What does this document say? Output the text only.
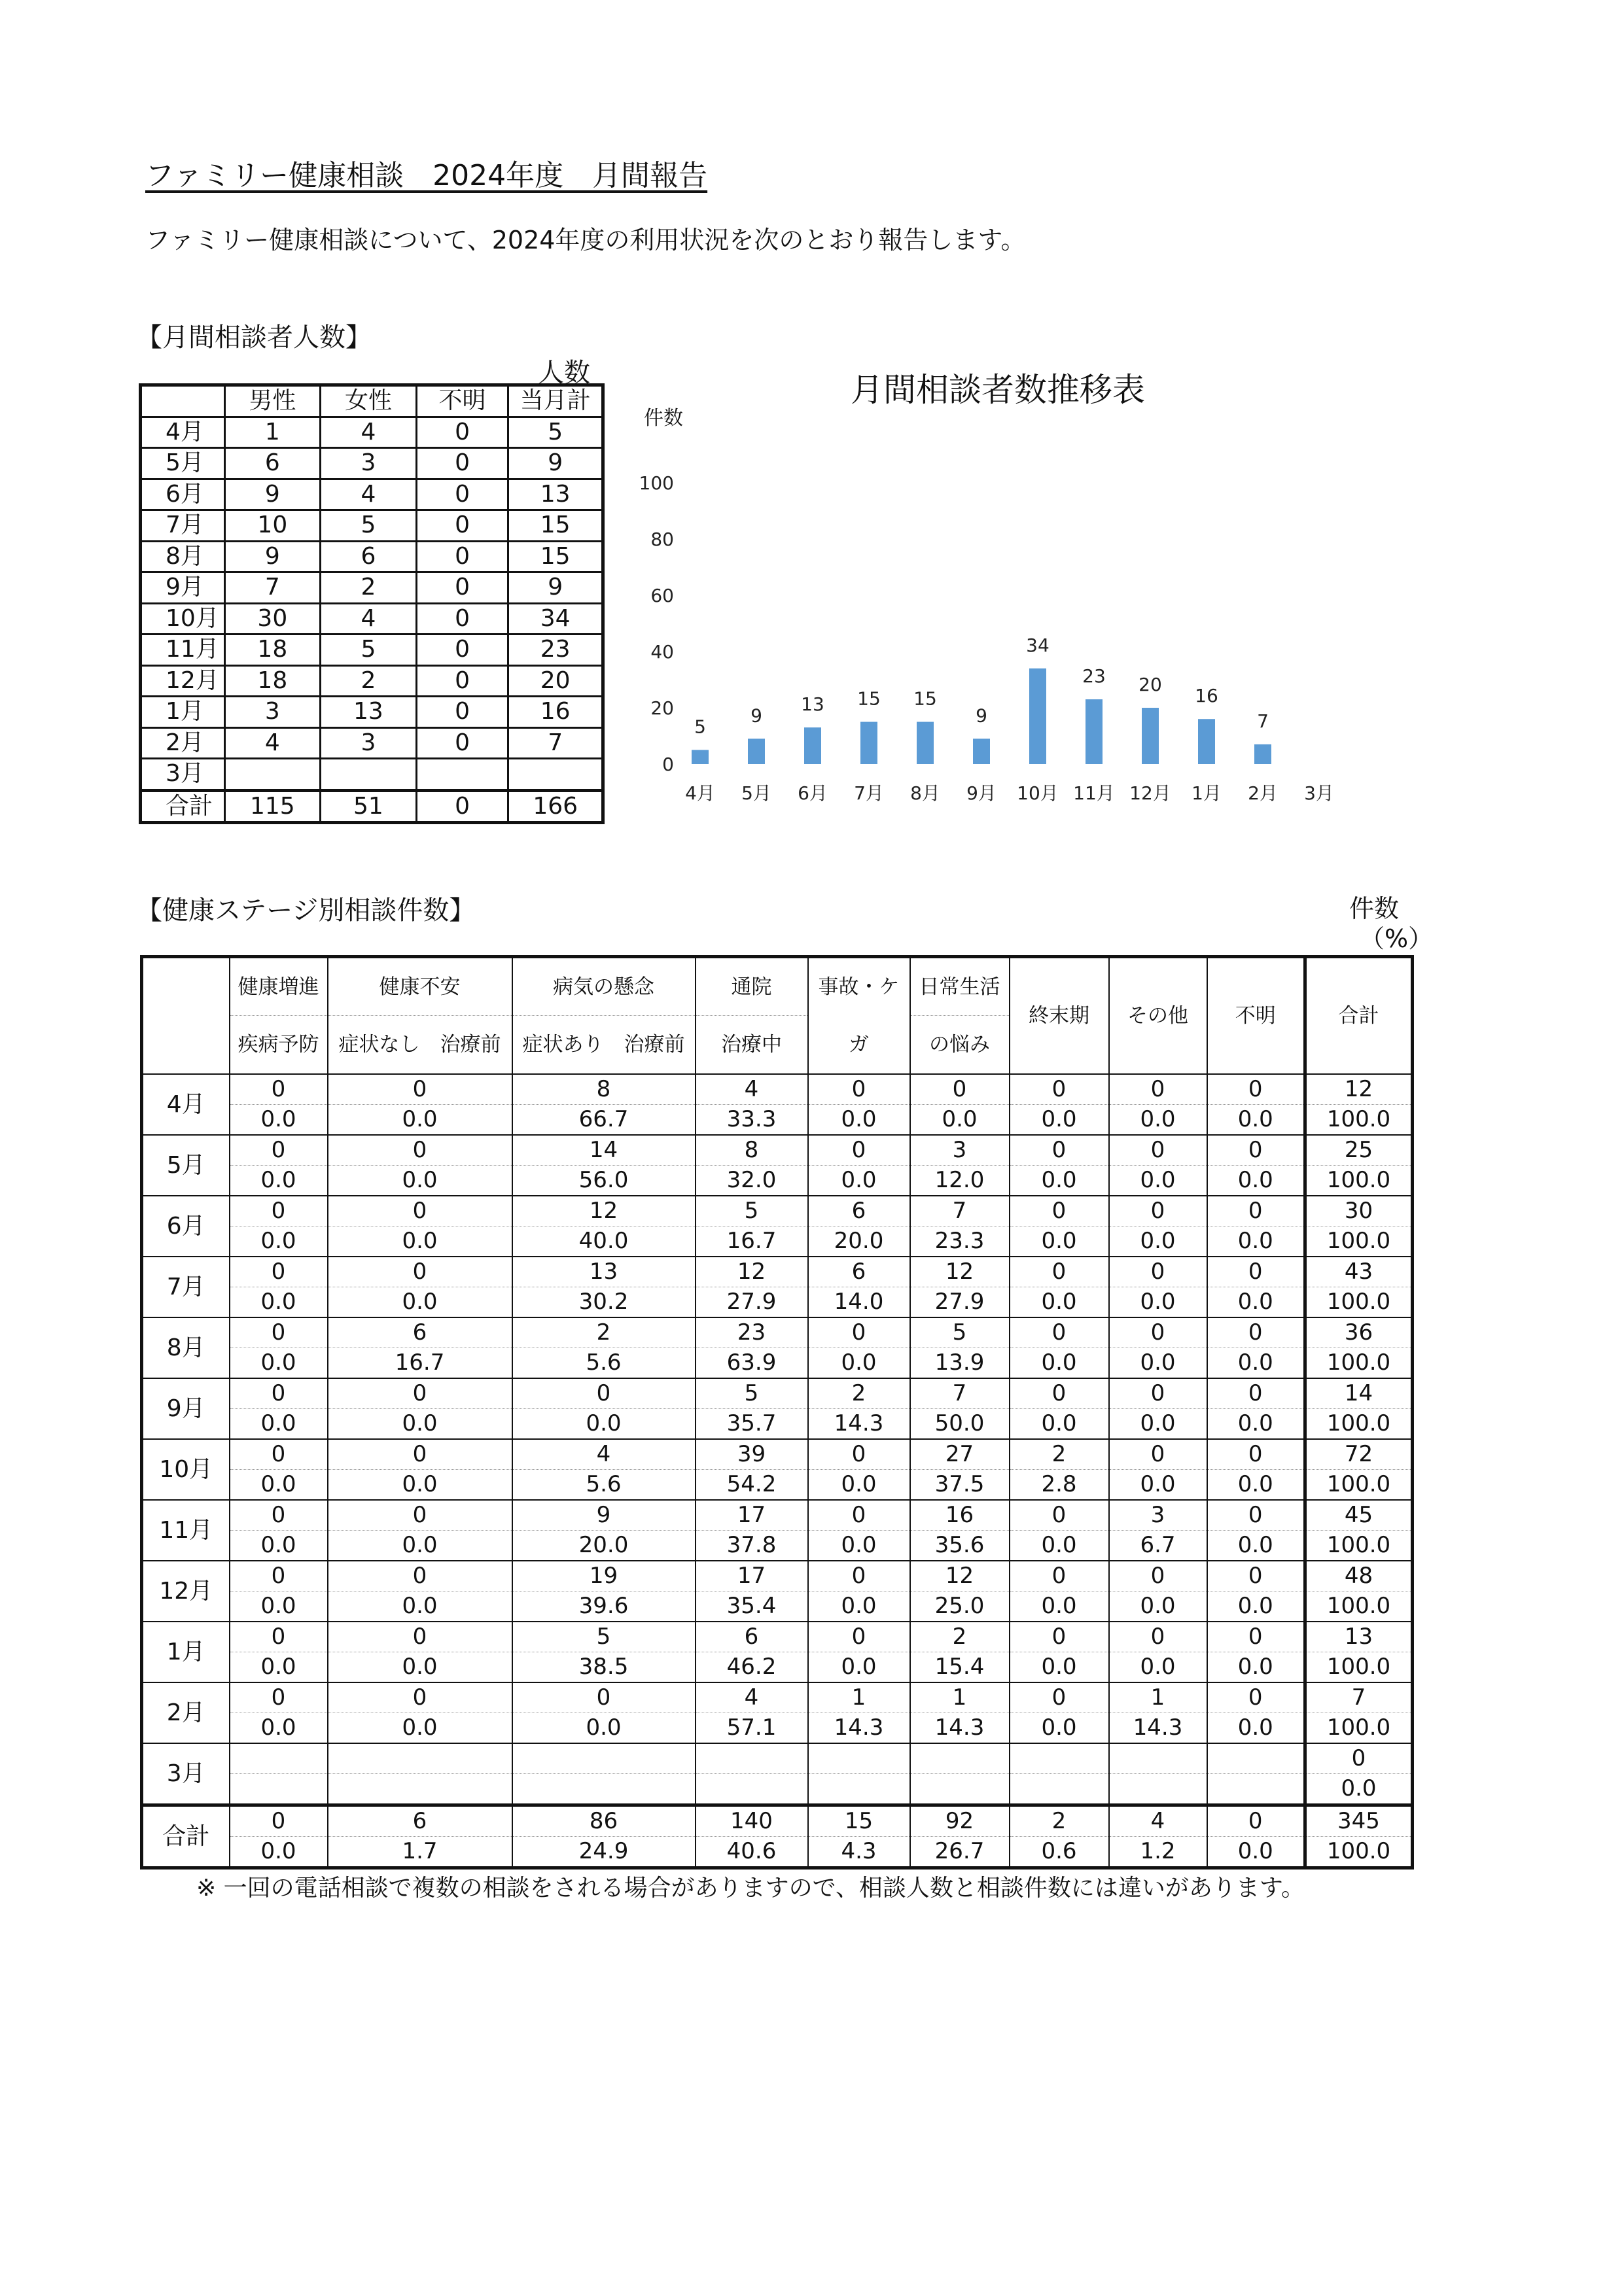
ファミリー健康相談　2024年度　月間報告
ファミリー健康相談について、2024年度の利用状況を次のとおり報告します。
【月間相談者人数】
人数
	男性	女性	不明	当月計
4月	1	4	0	5
5月	6	3	0	9
6月	9	4	0	13
7月	10	5	0	15
8月	9	6	0	15
9月	7	2	0	9
10月	30	4	0	34
11月	18	5	0	23
12月	18	2	0	20
1月	3	13	0	16
2月	4	3	0	7
3月				
合計	115	51	0	166
月間相談者数推移表
件数
0
20
40
60
80
100
4月
5
5月
9
6月
13
7月
15
8月
15
9月
9
10月
34
11月
23
12月
20
1月
16
2月
7
3月
【健康ステージ別相談件数】	件数
（%）
	健康増進	健康不安	病気の懸念	通院	事故・ケガ	日常生活	終末期	その他	不明	合計
	疾病予防	症状なし　治療前	症状あり　治療前	治療中		の悩み				
4月	0	0	8	4	0	0	0	0	0	12
	0.0	0.0	66.7	33.3	0.0	0.0	0.0	0.0	0.0	100.0
5月	0	0	14	8	0	3	0	0	0	25
	0.0	0.0	56.0	32.0	0.0	12.0	0.0	0.0	0.0	100.0
6月	0	0	12	5	6	7	0	0	0	30
	0.0	0.0	40.0	16.7	20.0	23.3	0.0	0.0	0.0	100.0
7月	0	0	13	12	6	12	0	0	0	43
	0.0	0.0	30.2	27.9	14.0	27.9	0.0	0.0	0.0	100.0
8月	0	6	2	23	0	5	0	0	0	36
	0.0	16.7	5.6	63.9	0.0	13.9	0.0	0.0	0.0	100.0
9月	0	0	0	5	2	7	0	0	0	14
	0.0	0.0	0.0	35.7	14.3	50.0	0.0	0.0	0.0	100.0
10月	0	0	4	39	0	27	2	0	0	72
	0.0	0.0	5.6	54.2	0.0	37.5	2.8	0.0	0.0	100.0
11月	0	0	9	17	0	16	0	3	0	45
	0.0	0.0	20.0	37.8	0.0	35.6	0.0	6.7	0.0	100.0
12月	0	0	19	17	0	12	0	0	0	48
	0.0	0.0	39.6	35.4	0.0	25.0	0.0	0.0	0.0	100.0
1月	0	0	5	6	0	2	0	0	0	13
	0.0	0.0	38.5	46.2	0.0	15.4	0.0	0.0	0.0	100.0
2月	0	0	0	4	1	1	0	1	0	7
	0.0	0.0	0.0	57.1	14.3	14.3	0.0	14.3	0.0	100.0
3月										0
										0.0
合計	0	6	86	140	15	92	2	4	0	345
	0.0	1.7	24.9	40.6	4.3	26.7	0.6	1.2	0.0	100.0
※ 一回の電話相談で複数の相談をされる場合がありますので、相談人数と相談件数には違いがあります。
